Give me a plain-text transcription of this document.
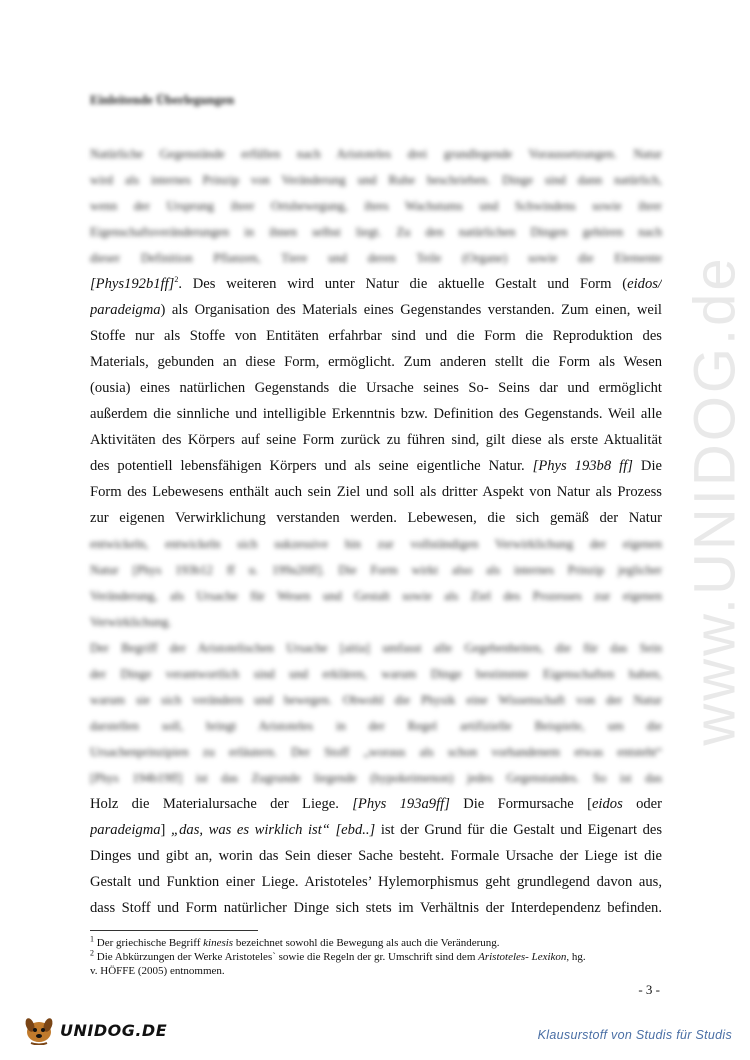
www.UNIDOG.de
Einleitende Überlegungen
Natürliche Gegenstände erfüllen nach Aristoteles drei grundlegende Voraussetzungen. Natur
wird als internes Prinzip von Veränderung und Ruhe beschrieben. Dinge sind dann natürlich,
wenn der Ursprung ihrer Ortsbewegung, ihres Wachstums und Schwindens sowie ihrer
Eigenschaftsveränderungen in ihnen selbst liegt. Zu den natürlichen Dingen gehören nach
dieser Definition Pflanzen, Tiere und deren Teile (Organe) sowie die Elemente
[Phys192b1ff]$^2$. Des weiteren wird unter Natur die aktuelle Gestalt und Form (eidos/
paradeigma) als Organisation des Materials eines Gegenstandes verstanden. Zum einen, weil
Stoffe nur als Stoffe von Entitäten erfahrbar sind und die Form die Reproduktion des
Materials, gebunden an diese Form, ermöglicht. Zum anderen stellt die Form als Wesen
(ousia) eines natürlichen Gegenstands die Ursache seines So- Seins dar und ermöglicht
außerdem die sinnliche und intelligible Erkenntnis bzw. Definition des Gegenstands. Weil alle
Aktivitäten des Körpers auf seine Form zurück zu führen sind, gilt diese als erste Aktualität
des potentiell lebensfähigen Körpers und als seine eigentliche Natur. [Phys 193b8 ff] Die
Form des Lebewesens enthält auch sein Ziel und soll als dritter Aspekt von Natur als Prozess
zur eigenen Verwirklichung verstanden werden. Lebewesen, die sich gemäß der Natur
entwickeln, entwickeln sich sukzessive hin zur vollständigen Verwirklichung der eigenen
Natur [Phys 193b12 ff u. 199a20ff]. Die Form wirkt also als internes Prinzip jeglicher
Veränderung, als Ursache für Wesen und Gestalt sowie als Ziel des Prozesses zur eigenen
Verwirklichung.
Der Begriff der Aristotelischen Ursache [aitia] umfasst alle Gegebenheiten, die für das Sein
der Dinge verantwortlich sind und erklären, warum Dinge bestimmte Eigenschaften haben,
warum sie sich verändern und bewegen. Obwohl die Physik eine Wissenschaft von der Natur
darstellen soll, bringt Aristoteles in der Regel artifizielle Beispiele, um die
Ursachenprinzipien zu erläutern. Der Stoff „woraus als schon vorhandenem etwas entsteht“
[Phys 194b19ff] ist das Zugrunde liegende (hypokeimenon) jedes Gegenstandes. So ist das
Holz die Materialursache der Liege. [Phys 193a9ff] Die Formursache [eidos oder
paradeigma] „das, was es wirklich ist“ [ebd..] ist der Grund für die Gestalt und Eigenart des
Dinges und gibt an, worin das Sein dieser Sache besteht. Formale Ursache der Liege ist die
Gestalt und Funktion einer Liege. Aristoteles’ Hylemorphismus geht grundlegend davon aus,
dass Stoff und Form natürlicher Dinge sich stets im Verhältnis der Interdependenz befinden.
$^1$ Der griechische Begriff kinesis bezeichnet sowohl die Bewegung als auch die Veränderung.
$^2$ Die Abkürzungen der Werke Aristoteles` sowie die Regeln der gr. Umschrift sind dem Aristoteles- Lexikon, hg.
v. HÖFFE (2005) entnommen.
- 3 -
UNIDOG.DE	Klausurstoff von Studis für Studis
